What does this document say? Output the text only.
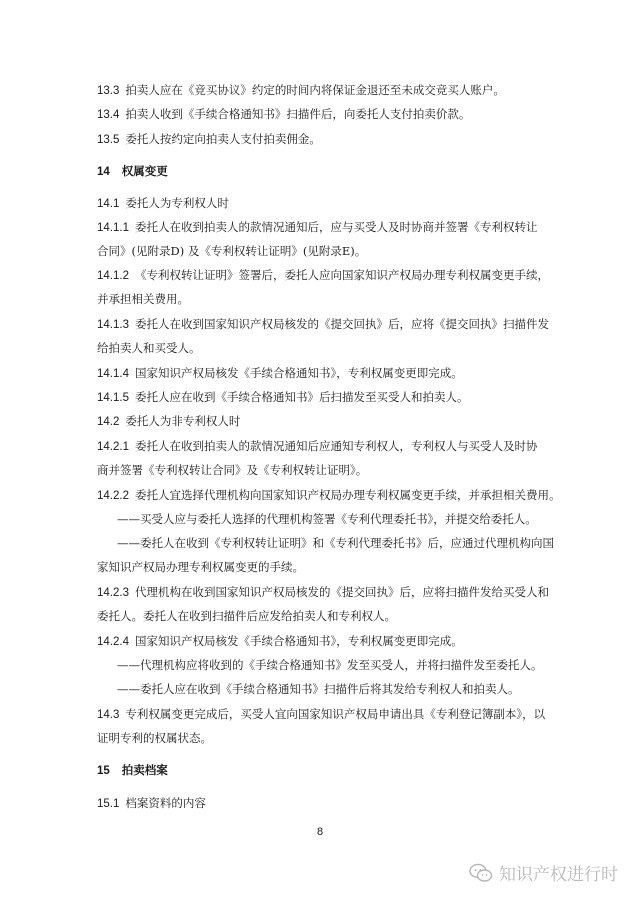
13.3 拍卖人应在《竞买协议》约定的时间内将保证金退还至未成交竞买人账户。
13.4 拍卖人收到《手续合格通知书》扫描件后，向委托人支付拍卖价款。
13.5 委托人按约定向拍卖人支付拍卖佣金。
14 权属变更
14.1 委托人为专利权人时
14.1.1 委托人在收到拍卖人的款情况通知后，应与买受人及时协商并签署《专利权转让
合同》(见附录D) 及《专利权转让证明》(见附录E)。
14.1.2 《专利权转让证明》签署后，委托人应向国家知识产权局办理专利权属变更手续，
并承担相关费用。
14.1.3 委托人在收到国家知识产权局核发的《提交回执》后，应将《提交回执》扫描件发
给拍卖人和买受人。
14.1.4 国家知识产权局核发《手续合格通知书》，专利权属变更即完成。
14.1.5 委托人应在收到《手续合格通知书》后扫描发至买受人和拍卖人。
14.2 委托人为非专利权人时
14.2.1 委托人在收到拍卖人的款情况通知后应通知专利权人，专利权人与买受人及时协
商并签署《专利权转让合同》及《专利权转让证明》。
14.2.2 委托人宜选择代理机构向国家知识产权局办理专利权属变更手续，并承担相关费用。
——买受人应与委托人选择的代理机构签署《专利代理委托书》，并提交给委托人。
——委托人在收到《专利权转让证明》和《专利代理委托书》后，应通过代理机构向国
家知识产权局办理专利权属变更的手续。
14.2.3 代理机构在收到国家知识产权局核发的《提交回执》后，应将扫描件发给买受人和
委托人。委托人在收到扫描件后应发给拍卖人和专利权人。
14.2.4 国家知识产权局核发《手续合格通知书》，专利权属变更即完成。
——代理机构应将收到的《手续合格通知书》发至买受人，并将扫描件发至委托人。
——委托人应在收到《手续合格通知书》扫描件后将其发给专利权人和拍卖人。
14.3 专利权属变更完成后，买受人宜向国家知识产权局申请出具《专利登记簿副本》，以
证明专利的权属状态。
15 拍卖档案
15.1 档案资料的内容
8
知识产权进行时
